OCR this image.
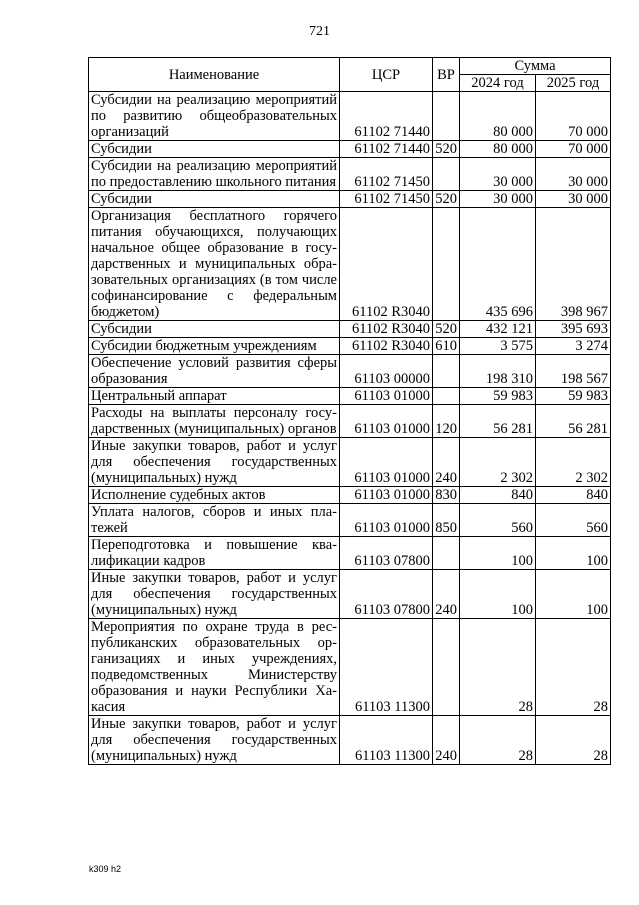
721
Наименование	ЦСР	ВР	Сумма	
			2024 год	2025 год
Субсидии на реализацию мероприятий по развитию общеобразовательных организаций	61102 71440		80 000	70 000
Субсидии	61102 71440	520	80 000	70 000
Субсидии на реализацию мероприятий по предоставлению школьного питания	61102 71450		30 000	30 000
Субсидии	61102 71450	520	30 000	30 000
Организация бесплатного горячего питания обучающихся, получающих начальное общее образование в государственных и муниципальных образовательных организациях (в том числе софинансирование с федеральным бюджетом)	61102 R3040		435 696	398 967
Субсидии	61102 R3040	520	432 121	395 693
Субсидии бюджетным учреждениям	61102 R3040	610	3 575	3 274
Обеспечение условий развития сферы образования	61103 00000		198 310	198 567
Центральный аппарат	61103 01000		59 983	59 983
Расходы на выплаты персоналу государственных (муниципальных) органов	61103 01000	120	56 281	56 281
Иные закупки товаров, работ и услуг для обеспечения государственных (муниципальных) нужд	61103 01000	240	2 302	2 302
Исполнение судебных актов	61103 01000	830	840	840
Уплата налогов, сборов и иных платежей	61103 01000	850	560	560
Переподготовка и повышение квалификации кадров	61103 07800		100	100
Иные закупки товаров, работ и услуг для обеспечения государственных (муниципальных) нужд	61103 07800	240	100	100
Мероприятия по охране труда в республиканских образовательных организациях и иных учреждениях, подведомственных Министерству образования и науки Республики Хакасия	61103 11300		28	28
Иные закупки товаров, работ и услуг для обеспечения государственных (муниципальных) нужд	61103 11300	240	28	28
k309 h2
